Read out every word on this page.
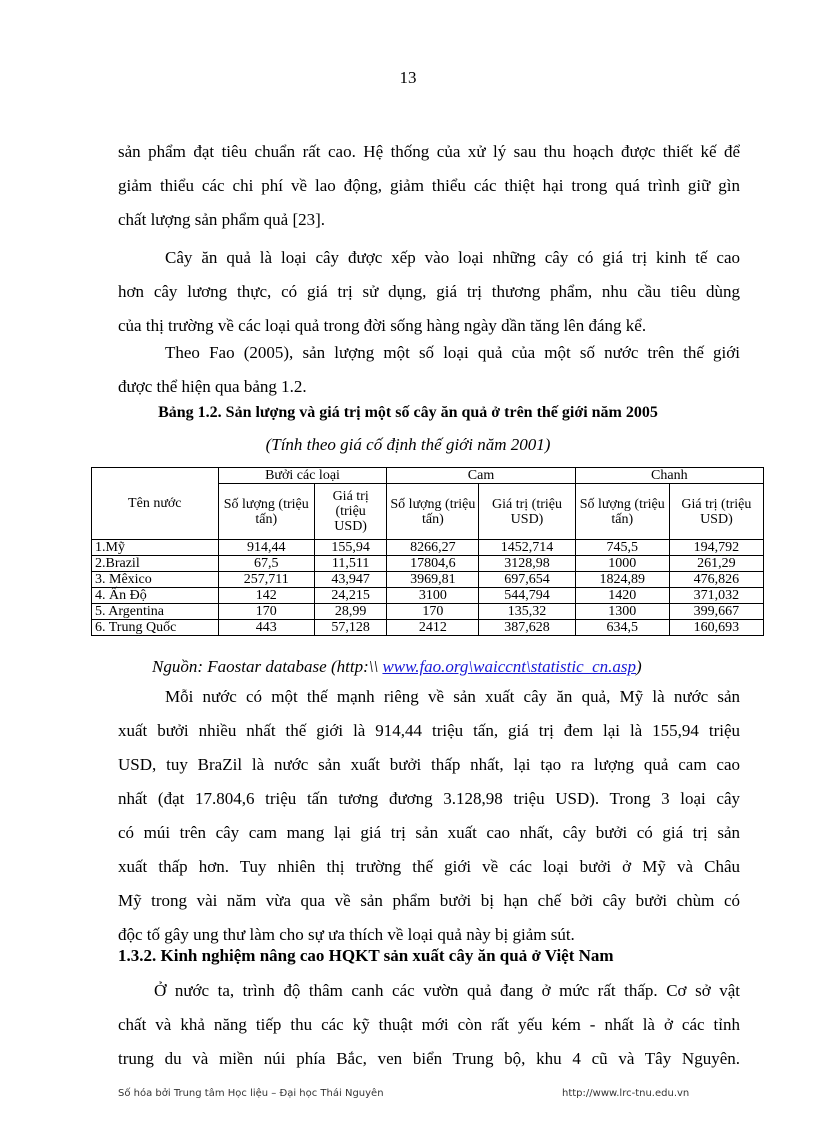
13
sản phẩm đạt tiêu chuẩn rất cao. Hệ thống của xử lý sau thu hoạch được thiết kế để
giảm thiểu các chi phí về lao động, giảm thiểu các thiệt hại trong quá trình giữ gìn
chất lượng sản phẩm quả [23].
Cây ăn quả là loại cây được xếp vào loại những cây có giá trị kinh tế cao
hơn cây lương thực, có giá trị sử dụng, giá trị thương phẩm, nhu cầu tiêu dùng
của thị trường về các loại quả trong đời sống hàng ngày dần tăng lên đáng kể.
Theo Fao (2005), sản lượng một số loại quả của một số nước trên thế giới
được thể hiện qua bảng 1.2.
Bảng 1.2. Sản lượng và giá trị một số cây ăn quả ở trên thế giới năm 2005
(Tính theo giá cố định thế giới năm 2001)
Tên nước	Bưởi các loại		Cam		Chanh	
	Số lượng (triệu tấn)	Giá trị (triệu USD)	Số lượng (triệu tấn)	Giá trị (triệu USD)	Số lượng (triệu tấn)	Giá trị (triệu USD)
1.Mỹ	914,44	155,94	8266,27	1452,714	745,5	194,792
2.Brazil	67,5	11,511	17804,6	3128,98	1000	261,29
3. Mêxico	257,711	43,947	3969,81	697,654	1824,89	476,826
4. Ấn Độ	142	24,215	3100	544,794	1420	371,032
5. Argentina	170	28,99	170	135,32	1300	399,667
6. Trung Quốc	443	57,128	2412	387,628	634,5	160,693
Nguồn: Faostar database (http:\\ www.fao.org\waiccnt\statistic_cn.asp)
Mỗi nước có một thế mạnh riêng về sản xuất cây ăn quả, Mỹ là nước sản
xuất bưởi nhiều nhất thế giới là 914,44 triệu tấn, giá trị đem lại là 155,94 triệu
USD, tuy BraZil là nước sản xuất bưởi thấp nhất, lại tạo ra lượng quả cam cao
nhất (đạt 17.804,6 triệu tấn tương đương 3.128,98 triệu USD). Trong 3 loại cây
có múi trên cây cam mang lại giá trị sản xuất cao nhất, cây bưởi có giá trị sản
xuất thấp hơn. Tuy nhiên thị trường thế giới về các loại bưởi ở Mỹ và Châu
Mỹ trong vài năm vừa qua về sản phẩm bưởi bị hạn chế bởi cây bưởi chùm có
độc tố gây ung thư làm cho sự ưa thích về loại quả này bị giảm sút.
1.3.2. Kinh nghiệm nâng cao HQKT sản xuất cây ăn quả ở Việt Nam
Ở nước ta, trình độ thâm canh các vườn quả đang ở mức rất thấp. Cơ sở vật
chất và khả năng tiếp thu các kỹ thuật mới còn rất yếu kém - nhất là ở các tỉnh
trung du và miền núi phía Bắc, ven biển Trung bộ, khu 4 cũ và Tây Nguyên.
Số hóa bởi Trung tâm Học liệu – Đại học Thái Nguyên	http://www.lrc-tnu.edu.vn
